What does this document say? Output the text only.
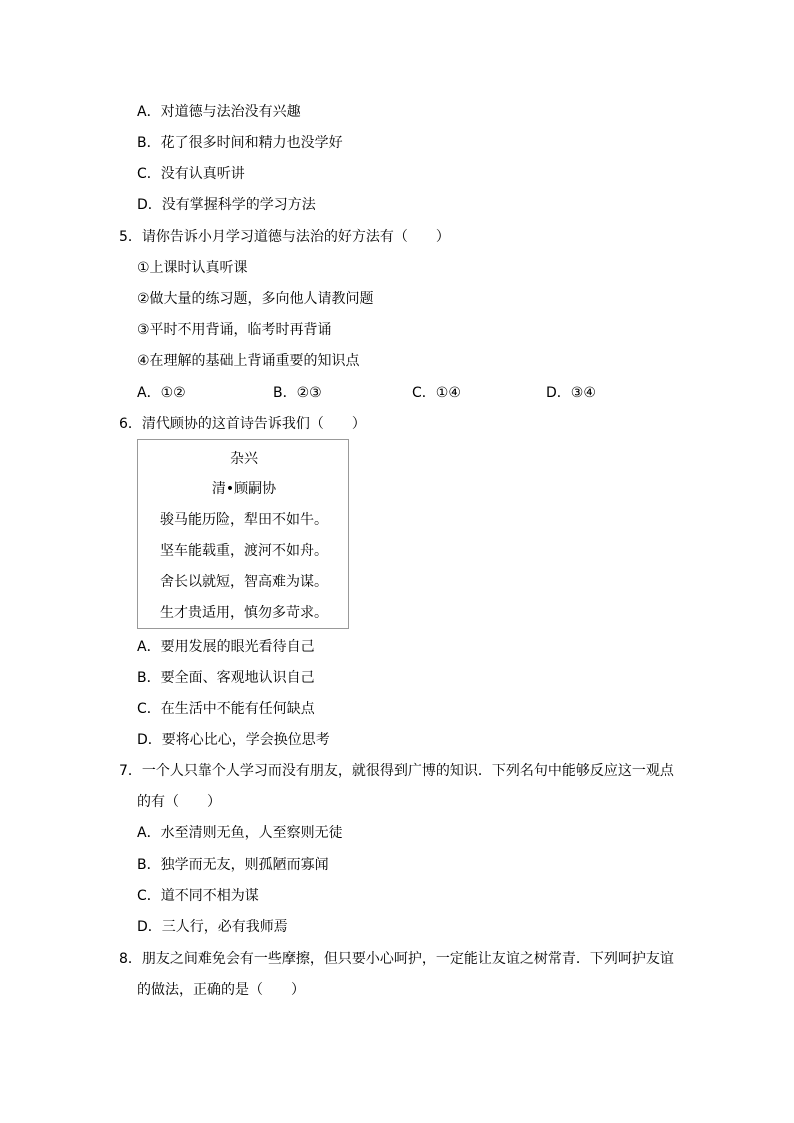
A．对道德与法治没有兴趣
B．花了很多时间和精力也没学好
C．没有认真听讲
D．没有掌握科学的学习方法
5．请你告诉小月学习道德与法治的好方法有（　　）
①上课时认真听课
②做大量的练习题，多向他人请教问题
③平时不用背诵，临考时再背诵
④在理解的基础上背诵重要的知识点
A．①②	B．②③	C．①④	D．③④
6．清代顾协的这首诗告诉我们（　　）
杂兴
清•顾嗣协
骏马能历险，犁田不如牛。
坚车能载重，渡河不如舟。
舍长以就短，智高难为谋。
生才贵适用，慎勿多苛求。
A．要用发展的眼光看待自己
B．要全面、客观地认识自己
C．在生活中不能有任何缺点
D．要将心比心，学会换位思考
7．一个人只靠个人学习而没有朋友，就很得到广博的知识．下列名句中能够反应这一观点
的有（　　）
A．水至清则无鱼，人至察则无徒
B．独学而无友，则孤陋而寡闻
C．道不同不相为谋
D．三人行，必有我师焉
8．朋友之间难免会有一些摩擦，但只要小心呵护，一定能让友谊之树常青．下列呵护友谊
的做法，正确的是（　　）
